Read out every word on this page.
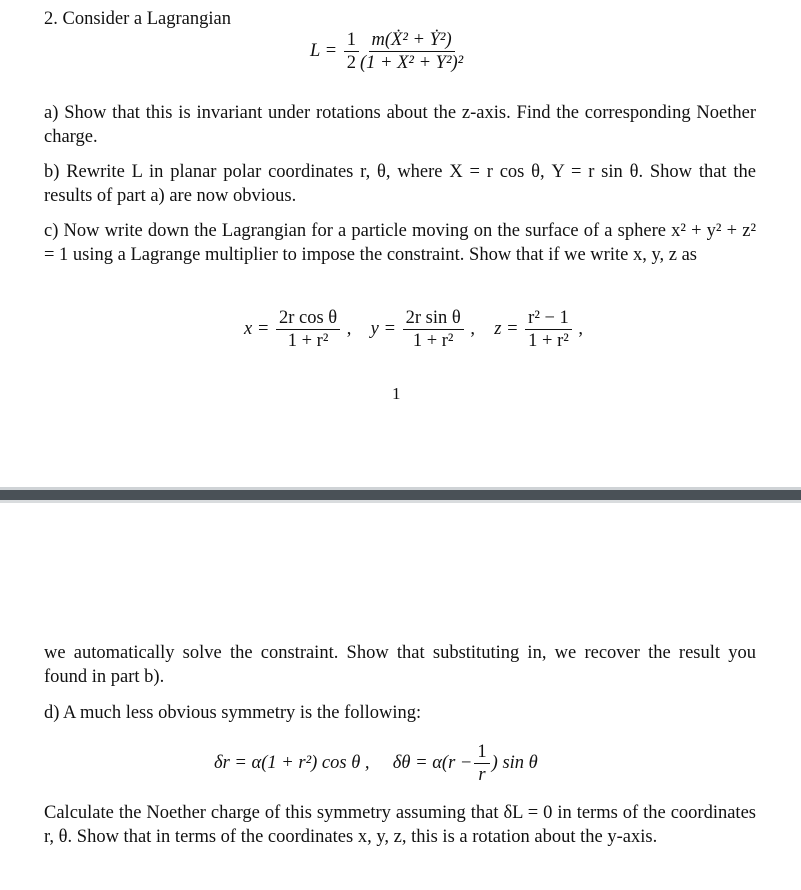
2. Consider a Lagrangian

$L = \frac{1}{2}$
$\frac{\text{m(Ẋ² + Ẏ²)}}{\text{(1 + X² + Y²)²}}$

a) Show that this is invariant under rotations about the z-axis. Find the corresponding Noether charge.

b) Rewrite L in planar polar coordinates r, θ, where X = r cos θ, Y = r sin θ. Show that the results of part a) are now obvious.

c) Now write down the Lagrangian for a particle moving on the surface of a sphere x² + y² + z² = 1 using a Lagrange multiplier to impose the constraint. Show that if we write x, y, z as

$x = \frac{\text{2r cos θ}}{\text{1 + r²}}$ , $y = \frac{\text{2r sin θ}}{\text{1 + r²}}$ , $z = \frac{\text{r² − 1}}{\text{1 + r²}}$ ,
1

we automatically solve the constraint. Show that substituting in, we recover the result you found in part b).

d) A much less obvious symmetry is the following:

δr = α(1 + r²) cos θ , $\delta\theta = \alpha(r - \frac{1}{r}$ ) sin θ

Calculate the Noether charge of this symmetry assuming that δL = 0 in terms of the coordinates r, θ. Show that in terms of the coordinates x, y, z, this is a rotation about the y-axis.
